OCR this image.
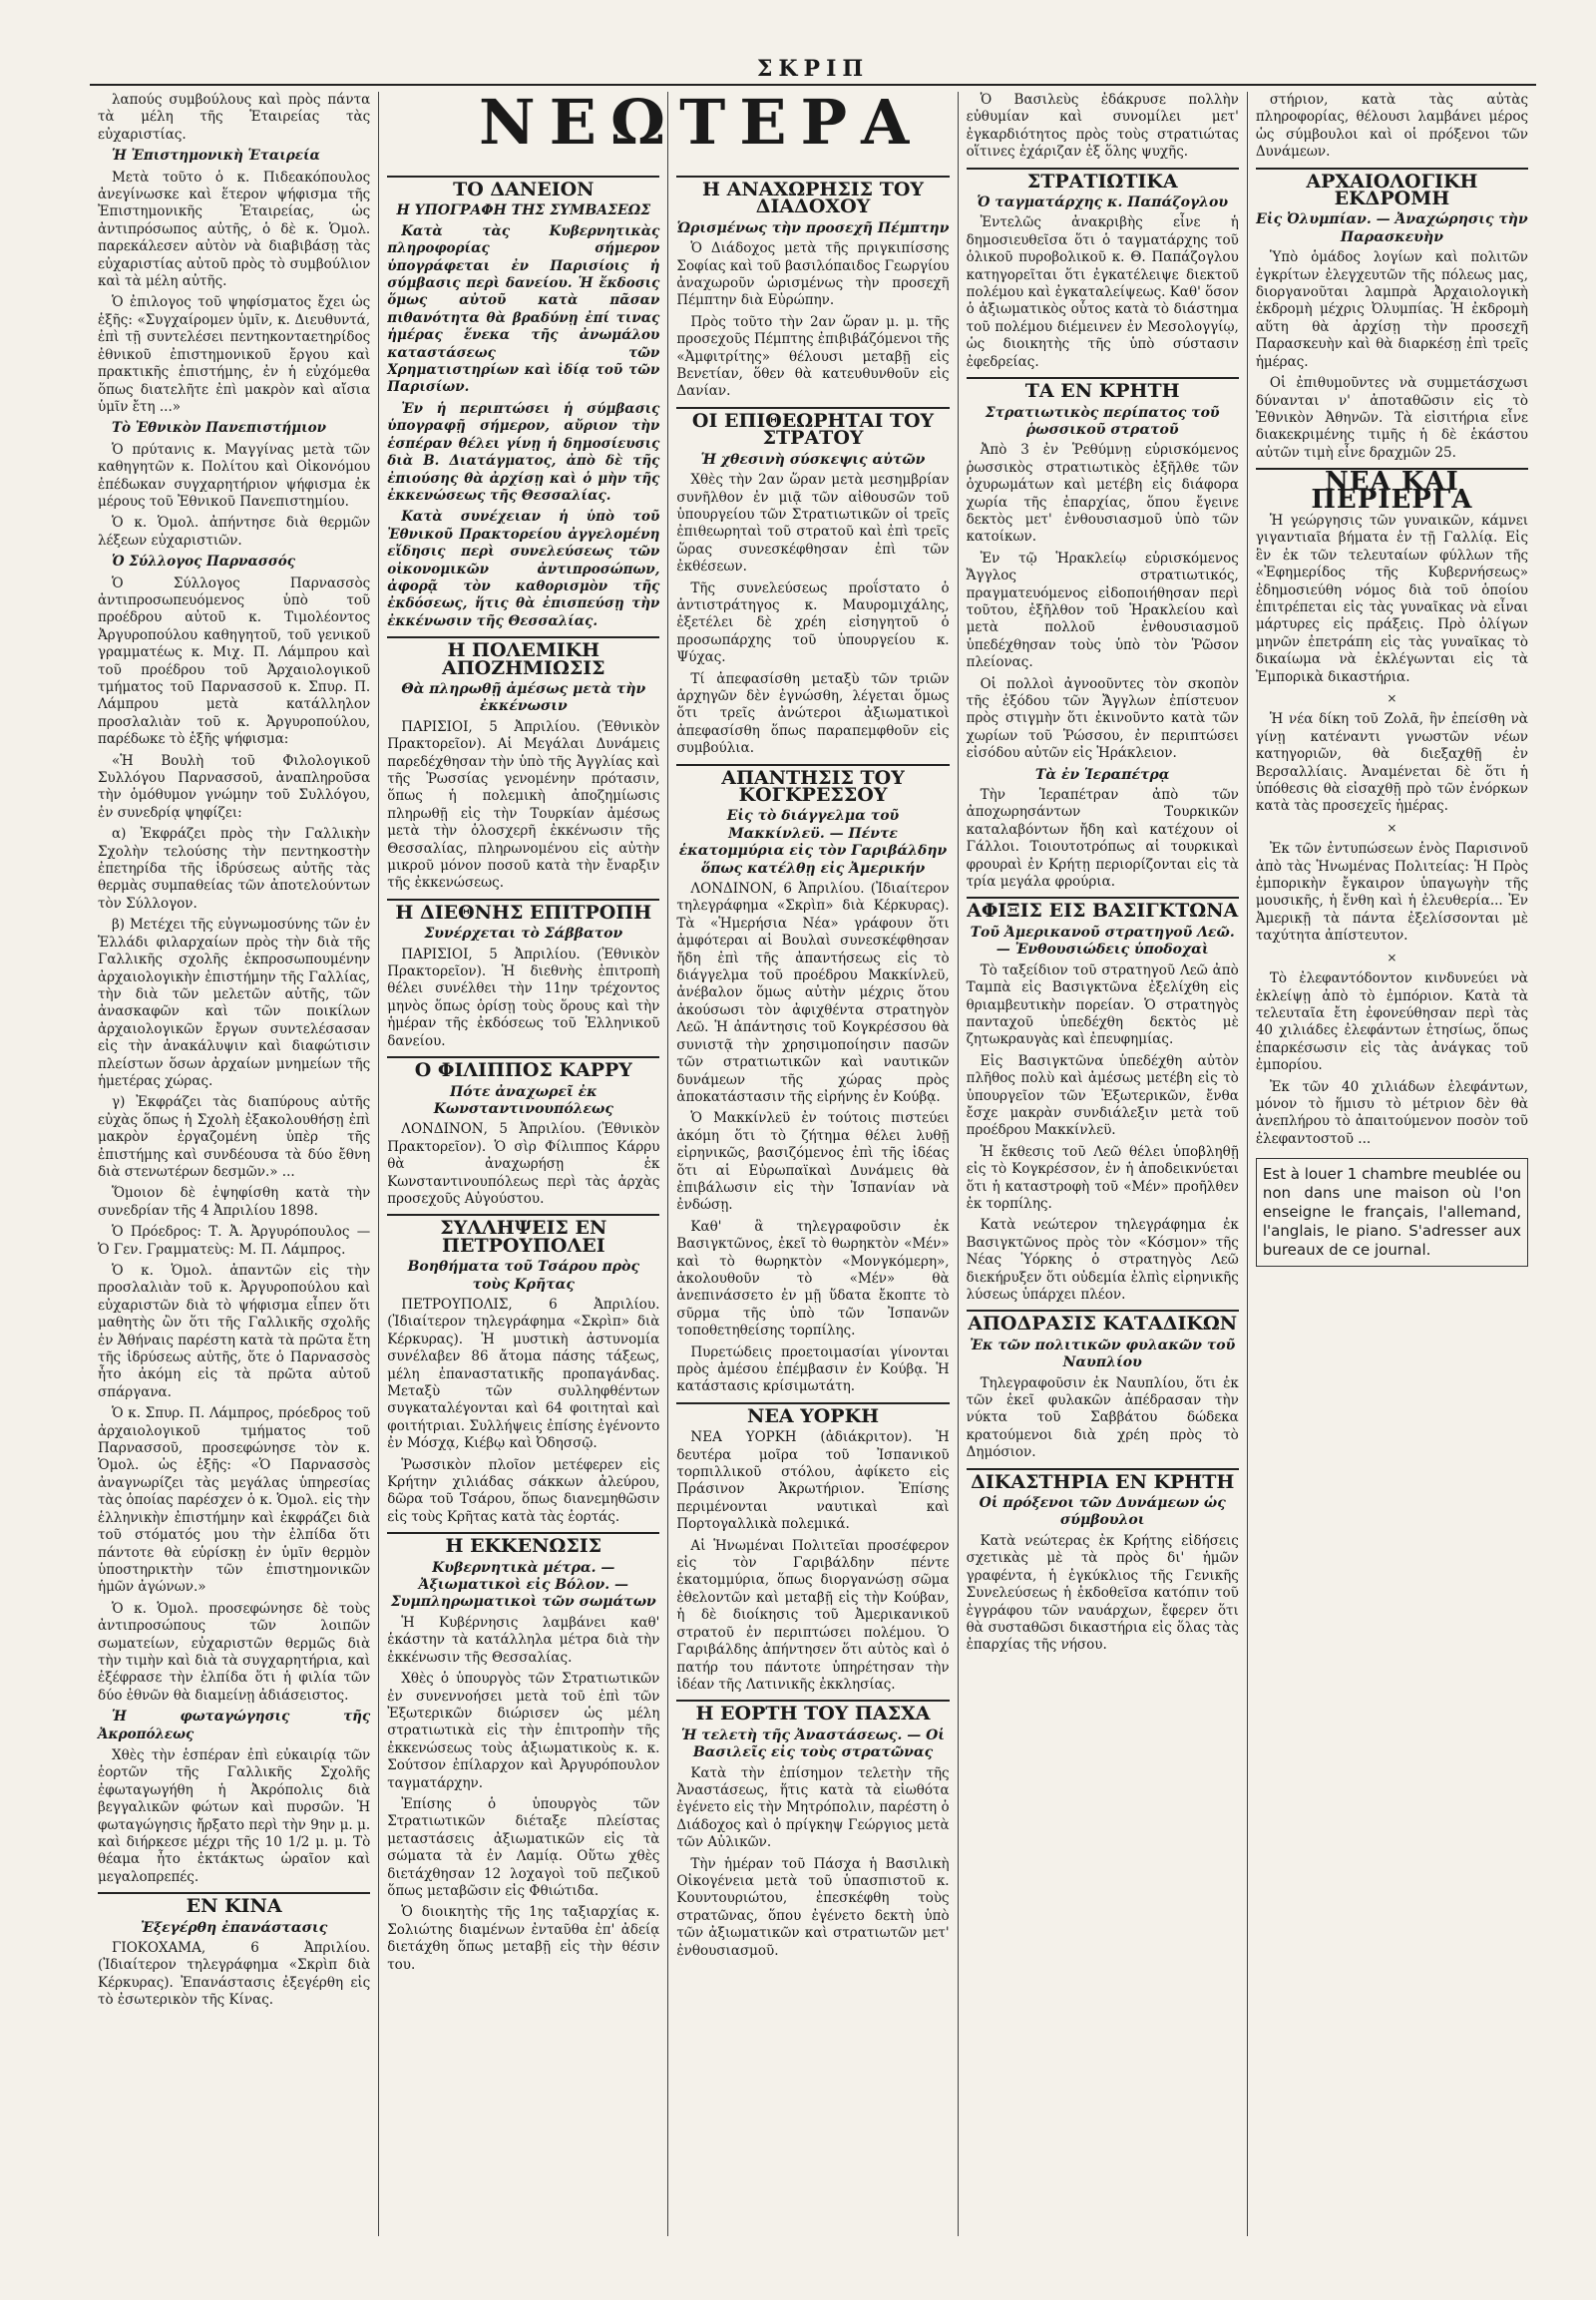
ΣΚΡΙΠ
ΝΕΩΤΕΡΑ

λαπούς συμβούλους καὶ πρὸς πάντα τὰ μέλη τῆς Ἑταιρείας τὰς εὐχαριστίας.

Ἡ Ἐπιστημονικὴ Ἑταιρεία

Μετὰ τοῦτο ὁ κ. Πιδεακόπουλος ἀνεγίνωσκε καὶ ἕτερον ψήφισμα τῆς Ἐπιστημονικῆς Ἑταιρείας, ὡς ἀντιπρόσωπος αὐτῆς, ὁ δὲ κ. Ὁμολ. παρεκάλεσεν αὐτὸν νὰ διαβιβάσῃ τὰς εὐχαριστίας αὐτοῦ πρὸς τὸ συμβούλιον καὶ τὰ μέλη αὐτῆς.

Ὁ ἐπιλογος τοῦ ψηφίσματος ἔχει ὡς ἑξῆς: «Συγχαίρομεν ὑμῖν, κ. Διευθυντά, ἐπὶ τῇ συντελέσει πεντηκονταετηρίδος ἐθνικοῦ ἐπιστημονικοῦ ἔργου καὶ πρακτικῆς ἐπιστήμης, ἐν ἡ εὐχόμεθα ὅπως διατελῆτε ἐπὶ μακρὸν καὶ αἴσια ὑμῖν ἔτη ...»

Τὸ Ἐθνικὸν Πανεπιστήμιον

Ὁ πρύτανις κ. Μαγγίνας μετὰ τῶν καθηγητῶν κ. Πολίτου καὶ Οἰκονόμου ἐπέδωκαν συγχαρητήριον ψήφισμα ἐκ μέρους τοῦ Ἐθνικοῦ Πανεπιστημίου.

Ὁ κ. Ὁμολ. ἀπήντησε διὰ θερμῶν λέξεων εὐχαριστιῶν.

Ὁ Σύλλογος Παρνασσός

Ὁ Σύλλογος Παρνασσὸς ἀντιπροσωπευόμενος ὑπὸ τοῦ προέδρου αὐτοῦ κ. Τιμολέοντος Ἀργυροπούλου καθηγητοῦ, τοῦ γενικοῦ γραμματέως κ. Μιχ. Π. Λάμπρου καὶ τοῦ προέδρου τοῦ Ἀρχαιολογικοῦ τμήματος τοῦ Παρνασσοῦ κ. Σπυρ. Π. Λάμπρου μετὰ κατάλληλον προσλαλιὰν τοῦ κ. Ἀργυροπούλου, παρέδωκε τὸ ἑξῆς ψήφισμα:

«Ἡ Βουλὴ τοῦ Φιλολογικοῦ Συλλόγου Παρνασσοῦ, ἀναπληροῦσα τὴν ὁμόθυμον γνώμην τοῦ Συλλόγου, ἐν συνεδρίᾳ ψηφίζει:

α) Ἐκφράζει πρὸς τὴν Γαλλικὴν Σχολὴν τελούσης τὴν πεντηκοστὴν ἐπετηρίδα τῆς ἱδρύσεως αὐτῆς τὰς θερμὰς συμπαθείας τῶν ἀποτελούντων τὸν Σύλλογον.

β) Μετέχει τῆς εὐγνωμοσύνης τῶν ἐν Ἑλλάδι φιλαρχαίων πρὸς τὴν διὰ τῆς Γαλλικῆς σχολῆς ἐκπροσωπουμένην ἀρχαιολογικὴν ἐπιστήμην τῆς Γαλλίας, τὴν διὰ τῶν μελετῶν αὐτῆς, τῶν ἀνασκαφῶν καὶ τῶν ποικίλων ἀρχαιολογικῶν ἔργων συντελέσασαν εἰς τὴν ἀνακάλυψιν καὶ διαφώτισιν πλείστων ὅσων ἀρχαίων μνημείων τῆς ἡμετέρας χώρας.

γ) Ἐκφράζει τὰς διαπύρους αὐτῆς εὐχὰς ὅπως ἡ Σχολὴ ἐξακολουθήσῃ ἐπὶ μακρὸν ἐργαζομένη ὑπὲρ τῆς ἐπιστήμης καὶ συνδέουσα τὰ δύο ἔθνη διὰ στενωτέρων δεσμῶν.» ...

Ὅμοιον δὲ ἐψηφίσθη κατὰ τὴν συνεδρίαν τῆς 4 Ἀπριλίου 1898.

Ὁ Πρόεδρος: Τ. Ἀ. Ἀργυρόπουλος — Ὁ Γεν. Γραμματεὺς: Μ. Π. Λάμπρος.

Ὁ κ. Ὁμολ. ἀπαντῶν εἰς τὴν προσλαλιὰν τοῦ κ. Ἀργυροπούλου καὶ εὐχαριστῶν διὰ τὸ ψήφισμα εἶπεν ὅτι μαθητὴς ὢν ὅτι τῆς Γαλλικῆς σχολῆς ἐν Ἀθήναις παρέστη κατὰ τὰ πρῶτα ἔτη τῆς ἱδρύσεως αὐτῆς, ὅτε ὁ Παρνασσὸς ἦτο ἀκόμη εἰς τὰ πρῶτα αὐτοῦ σπάργανα.

Ὁ κ. Σπυρ. Π. Λάμπρος, πρόεδρος τοῦ ἀρχαιολογικοῦ τμήματος τοῦ Παρνασσοῦ, προσεφώνησε τὸν κ. Ὁμολ. ὡς ἑξῆς: «Ὁ Παρνασσὸς ἀναγνωρίζει τὰς μεγάλας ὑπηρεσίας τὰς ὁποίας παρέσχεν ὁ κ. Ὁμολ. εἰς τὴν ἑλληνικὴν ἐπιστήμην καὶ ἐκφράζει διὰ τοῦ στόματός μου τὴν ἐλπίδα ὅτι πάντοτε θὰ εὑρίσκῃ ἐν ὑμῖν θερμὸν ὑποστηρικτὴν τῶν ἐπιστημονικῶν ἡμῶν ἀγώνων.»

Ὁ κ. Ὁμολ. προσεφώνησε δὲ τοὺς ἀντιπροσώπους τῶν λοιπῶν σωματείων, εὐχαριστῶν θερμῶς διὰ τὴν τιμὴν καὶ διὰ τὰ συγχαρητήρια, καὶ ἐξέφρασε τὴν ἐλπίδα ὅτι ἡ φιλία τῶν δύο ἐθνῶν θὰ διαμείνῃ ἀδιάσειστος.

Ἡ φωταγώγησις τῆς Ἀκροπόλεως

Χθὲς τὴν ἑσπέραν ἐπὶ εὐκαιρίᾳ τῶν ἑορτῶν τῆς Γαλλικῆς Σχολῆς ἐφωταγωγήθη ἡ Ἀκρόπολις διὰ βεγγαλικῶν φώτων καὶ πυρσῶν. Ἡ φωταγώγησις ἤρξατο περὶ τὴν 9ην μ. μ. καὶ διήρκεσε μέχρι τῆς 10 1/2 μ. μ. Τὸ θέαμα ἦτο ἐκτάκτως ὡραῖον καὶ μεγαλοπρεπές.

ΕΝ ΚΙΝΑ
Ἐξεγέρθη ἐπανάστασις

ΓΙΟΚΟΧΑΜΑ, 6 Ἀπριλίου. (Ἰδιαίτερον τηλεγράφημα «Σκρὶπ διὰ Κέρκυρας). Ἐπανάστασις ἐξεγέρθη εἰς τὸ ἐσωτερικὸν τῆς Κίνας.

ΤΟ ΔΑΝΕΙΟΝ
Η ΥΠΟΓΡΑΦΗ ΤΗΣ ΣΥΜΒΑΣΕΩΣ

Κατὰ τὰς Κυβερνητικὰς πληροφορίας σήμερον ὑπογράφεται ἐν Παρισίοις ἡ σύμβασις περὶ δανείου. Ἡ ἔκδοσις ὅμως αὐτοῦ κατὰ πᾶσαν πιθανότητα θὰ βραδύνῃ ἐπί τινας ἡμέρας ἕνεκα τῆς ἀνωμάλου καταστάσεως τῶν Χρηματιστηρίων καὶ ἰδίᾳ τοῦ τῶν Παρισίων.

Ἐν ἡ περιπτώσει ἡ σύμβασις ὑπογραφῇ σήμερον, αὔριον τὴν ἑσπέραν θέλει γίνῃ ἡ δημοσίευσις διὰ Β. Διατάγματος, ἀπὸ δὲ τῆς ἐπιούσης θὰ ἀρχίσῃ καὶ ὁ μὴν τῆς ἐκκενώσεως τῆς Θεσσαλίας.

Κατὰ συνέχειαν ἡ ὑπὸ τοῦ Ἐθνικοῦ Πρακτορείου ἀγγελομένη εἴδησις περὶ συνελεύσεως τῶν οἰκονομικῶν ἀντιπροσώπων, ἀφορᾷ τὸν καθορισμὸν τῆς ἐκδόσεως, ἥτις θὰ ἐπισπεύσῃ τὴν ἐκκένωσιν τῆς Θεσσαλίας.

Η ΠΟΛΕΜΙΚΗ ΑΠΟΖΗΜΙΩΣΙΣ
Θὰ πληρωθῇ ἀμέσως μετὰ τὴν ἐκκένωσιν

ΠΑΡΙΣΙΟΙ, 5 Ἀπριλίου. (Ἐθνικὸν Πρακτορεῖον). Αἱ Μεγάλαι Δυνάμεις παρεδέχθησαν τὴν ὑπὸ τῆς Ἀγγλίας καὶ τῆς Ῥωσσίας γενομένην πρότασιν, ὅπως ἡ πολεμικὴ ἀποζημίωσις πληρωθῇ εἰς τὴν Τουρκίαν ἀμέσως μετὰ τὴν ὁλοσχερῆ ἐκκένωσιν τῆς Θεσσαλίας, πληρωνομένου εἰς αὐτὴν μικροῦ μόνον ποσοῦ κατὰ τὴν ἔναρξιν τῆς ἐκκενώσεως.

Η ΔΙΕΘΝΗΣ ΕΠΙΤΡΟΠΗ
Συνέρχεται τὸ Σάββατον

ΠΑΡΙΣΙΟΙ, 5 Ἀπριλίου. (Ἐθνικὸν Πρακτορεῖον). Ἡ διεθνὴς ἐπιτροπὴ θέλει συνέλθει τὴν 11ην τρέχοντος μηνὸς ὅπως ὁρίσῃ τοὺς ὅρους καὶ τὴν ἡμέραν τῆς ἐκδόσεως τοῦ Ἑλληνικοῦ δανείου.

Ο ΦΙΛΙΠΠΟΣ ΚΑΡΡΥ
Πότε ἀναχωρεῖ ἐκ Κωνσταντινουπόλεως

ΛΟΝΔΙΝΟΝ, 5 Ἀπριλίου. (Ἐθνικὸν Πρακτορεῖον). Ὁ σὶρ Φίλιππος Κάρρυ θὰ ἀναχωρήσῃ ἐκ Κωνσταντινουπόλεως περὶ τὰς ἀρχὰς προσεχοῦς Αὐγούστου.

ΣΥΛΛΗΨΕΙΣ ΕΝ ΠΕΤΡΟΥΠΟΛΕΙ
Βοηθήματα τοῦ Τσάρου πρὸς τοὺς Κρῆτας

ΠΕΤΡΟΥΠΟΛΙΣ, 6 Ἀπριλίου. (Ἰδιαίτερον τηλεγράφημα «Σκρὶπ» διὰ Κέρκυρας). Ἡ μυστικὴ ἀστυνομία συνέλαβεν 86 ἄτομα πάσης τάξεως, μέλη ἐπαναστατικῆς προπαγάνδας. Μεταξὺ τῶν συλληφθέντων συγκαταλέγονται καὶ 64 φοιτηταὶ καὶ φοιτήτριαι. Συλλήψεις ἐπίσης ἐγένοντο ἐν Μόσχᾳ, Κιέβῳ καὶ Ὀδησσῷ.

Ῥωσσικὸν πλοῖον μετέφερεν εἰς Κρήτην χιλιάδας σάκκων ἀλεύρου, δῶρα τοῦ Τσάρου, ὅπως διανεμηθῶσιν εἰς τοὺς Κρῆτας κατὰ τὰς ἑορτάς.

Η ΕΚΚΕΝΩΣΙΣ
Κυβερνητικὰ μέτρα. — Ἀξιωματικοὶ εἰς Βόλον. — Συμπληρωματικοὶ τῶν σωμάτων

Ἡ Κυβέρνησις λαμβάνει καθ' ἑκάστην τὰ κατάλληλα μέτρα διὰ τὴν ἐκκένωσιν τῆς Θεσσαλίας.

Χθὲς ὁ ὑπουργὸς τῶν Στρατιωτικῶν ἐν συνεννοήσει μετὰ τοῦ ἐπὶ τῶν Ἐξωτερικῶν διώρισεν ὡς μέλη στρατιωτικὰ εἰς τὴν ἐπιτροπὴν τῆς ἐκκενώσεως τοὺς ἀξιωματικοὺς κ. κ. Σούτσον ἐπίλαρχον καὶ Ἀργυρόπουλον ταγματάρχην.

Ἐπίσης ὁ ὑπουργὸς τῶν Στρατιωτικῶν διέταξε πλείστας μεταστάσεις ἀξιωματικῶν εἰς τὰ σώματα τὰ ἐν Λαμίᾳ. Οὕτω χθὲς διετάχθησαν 12 λοχαγοὶ τοῦ πεζικοῦ ὅπως μεταβῶσιν εἰς Φθιώτιδα.

Ὁ διοικητὴς τῆς 1ης ταξιαρχίας κ. Σολιώτης διαμένων ἐνταῦθα ἐπ' ἀδείᾳ διετάχθη ὅπως μεταβῇ εἰς τὴν θέσιν του.

Η ΑΝΑΧΩΡΗΣΙΣ ΤΟΥ ΔΙΑΔΟΧΟΥ
Ὡρισμένως τὴν προσεχῆ Πέμπτην

Ὁ Διάδοχος μετὰ τῆς πριγκιπίσσης Σοφίας καὶ τοῦ βασιλόπαιδος Γεωργίου ἀναχωροῦν ὡρισμένως τὴν προσεχῆ Πέμπτην διὰ Εὐρώπην.

Πρὸς τοῦτο τὴν 2αν ὥραν μ. μ. τῆς προσεχοῦς Πέμπτης ἐπιβιβάζόμενοι τῆς «Ἀμφιτρίτης» θέλουσι μεταβῇ εἰς Βενετίαν, ὅθεν θὰ κατευθυνθοῦν εἰς Δανίαν.

ΟΙ ΕΠΙΘΕΩΡΗΤΑΙ ΤΟΥ ΣΤΡΑΤΟΥ
Ἡ χθεσινὴ σύσκεψις αὐτῶν

Χθὲς τὴν 2αν ὥραν μετὰ μεσημβρίαν συνῆλθον ἐν μιᾷ τῶν αἰθουσῶν τοῦ ὑπουργείου τῶν Στρατιωτικῶν οἱ τρεῖς ἐπιθεωρηταὶ τοῦ στρατοῦ καὶ ἐπὶ τρεῖς ὥρας συνεσκέφθησαν ἐπὶ τῶν ἐκθέσεων.

Τῆς συνελεύσεως προΐστατο ὁ ἀντιστράτηγος κ. Μαυρομιχάλης, ἐξετέλει δὲ χρέη εἰσηγητοῦ ὁ προσωπάρχης τοῦ ὑπουργείου κ. Ψύχας.

Τί ἀπεφασίσθη μεταξὺ τῶν τριῶν ἀρχηγῶν δὲν ἐγνώσθη, λέγεται ὅμως ὅτι τρεῖς ἀνώτεροι ἀξιωματικοὶ ἀπεφασίσθη ὅπως παραπεμφθοῦν εἰς συμβούλια.

ΑΠΑΝΤΗΣΙΣ ΤΟΥ ΚΟΓΚΡΕΣΣΟΥ
Εἰς τὸ διάγγελμα τοῦ Μακκίνλεϋ. — Πέντε ἑκατομμύρια εἰς τὸν Γαριβάλδην ὅπως κατέλθῃ εἰς Ἀμερικήν

ΛΟΝΔΙΝΟΝ, 6 Ἀπριλίου. (Ἰδιαίτερον τηλεγράφημα «Σκρὶπ» διὰ Κέρκυρας). Τὰ «Ἡμερήσια Νέα» γράφουν ὅτι ἀμφότεραι αἱ Βουλαὶ συνεσκέφθησαν ἤδη ἐπὶ τῆς ἀπαντήσεως εἰς τὸ διάγγελμα τοῦ προέδρου Μακκίνλεϋ, ἀνέβαλον ὅμως αὐτὴν μέχρις ὅτου ἀκούσωσι τὸν ἀφιχθέντα στρατηγὸν Λεῶ. Ἡ ἀπάντησις τοῦ Κογκρέσσου θὰ συνιστᾷ τὴν χρησιμοποίησιν πασῶν τῶν στρατιωτικῶν καὶ ναυτικῶν δυνάμεων τῆς χώρας πρὸς ἀποκατάστασιν τῆς εἰρήνης ἐν Κούβᾳ.

Ὁ Μακκίνλεϋ ἐν τούτοις πιστεύει ἀκόμη ὅτι τὸ ζήτημα θέλει λυθῇ εἰρηνικῶς, βασιζόμενος ἐπὶ τῆς ἰδέας ὅτι αἱ Εὐρωπαϊκαὶ Δυνάμεις θὰ ἐπιβάλωσιν εἰς τὴν Ἰσπανίαν νὰ ἐνδώσῃ.

Καθ' ἃ τηλεγραφοῦσιν ἐκ Βασιγκτῶνος, ἐκεῖ τὸ θωρηκτὸν «Μέν» καὶ τὸ θωρηκτὸν «Μονγκόμερη», ἀκολουθοῦν τὸ «Μέν» θὰ ἀνεπινάσσετο ἐν μῇ ὕδατα ἔκοπτε τὸ σῦρμα τῆς ὑπὸ τῶν Ἰσπανῶν τοποθετηθείσης τορπίλης.

Πυρετώδεις προετοιμασίαι γίνονται πρὸς ἀμέσου ἐπέμβασιν ἐν Κούβᾳ. Ἡ κατάστασις κρίσιμωτάτη.

ΝΕΑ ΥΟΡΚΗ

ΝΕΑ ΥΟΡΚΗ (ἀδιάκριτον). Ἡ δευτέρα μοῖρα τοῦ Ἰσπανικοῦ τορπιλλικοῦ στόλου, ἀφίκετο εἰς Πράσινον Ἀκρωτήριον. Ἐπίσης περιμένονται ναυτικαὶ καὶ Πορτογαλλικὰ πολεμικά.

Αἱ Ἡνωμέναι Πολιτεῖαι προσέφερον εἰς τὸν Γαριβάλδην πέντε ἑκατομμύρια, ὅπως διοργανώσῃ σῶμα ἐθελοντῶν καὶ μεταβῇ εἰς τὴν Κούβαν, ἡ δὲ διοίκησις τοῦ Ἀμερικανικοῦ στρατοῦ ἐν περιπτώσει πολέμου. Ὁ Γαριβάλδης ἀπήντησεν ὅτι αὐτὸς καὶ ὁ πατήρ του πάντοτε ὑπηρέτησαν τὴν ἰδέαν τῆς Λατινικῆς ἐκκλησίας.

Η ΕΟΡΤΗ ΤΟΥ ΠΑΣΧΑ
Ἡ τελετὴ τῆς Ἀναστάσεως. — Οἱ Βασιλεῖς εἰς τοὺς στρατῶνας

Κατὰ τὴν ἐπίσημον τελετὴν τῆς Ἀναστάσεως, ἥτις κατὰ τὰ εἰωθότα ἐγένετο εἰς τὴν Μητρόπολιν, παρέστη ὁ Διάδοχος καὶ ὁ πρίγκηψ Γεώργιος μετὰ τῶν Αὐλικῶν.

Τὴν ἡμέραν τοῦ Πάσχα ἡ Βασιλικὴ Οἰκογένεια μετὰ τοῦ ὑπασπιστοῦ κ. Κουντουριώτου, ἐπεσκέφθη τοὺς στρατῶνας, ὅπου ἐγένετο δεκτὴ ὑπὸ τῶν ἀξιωματικῶν καὶ στρατιωτῶν μετ' ἐνθουσιασμοῦ.

Ὁ Βασιλεὺς ἐδάκρυσε πολλὴν εὐθυμίαν καὶ συνομίλει μετ' ἐγκαρδιότητος πρὸς τοὺς στρατιώτας οἵτινες ἐχάριζαν ἐξ ὅλης ψυχῆς.

ΣΤΡΑΤΙΩΤΙΚΑ
Ὁ ταγματάρχης κ. Παπάζογλου

Ἐντελῶς ἀνακριβὴς εἶνε ἡ δημοσιευθεῖσα ὅτι ὁ ταγματάρχης τοῦ ὁλικοῦ πυροβολικοῦ κ. Θ. Παπάζογλου κατηγορεῖται ὅτι ἐγκατέλειψε διεκτοῦ πολέμου καὶ ἐγκαταλείψεως. Καθ' ὅσον ὁ ἀξιωματικὸς οὗτος κατὰ τὸ διάστημα τοῦ πολέμου διέμεινεν ἐν Μεσολογγίῳ, ὡς διοικητὴς τῆς ὑπὸ σύστασιν ἐφεδρείας.

ΤΑ ΕΝ ΚΡΗΤΗ
Στρατιωτικὸς περίπατος τοῦ ῥωσσικοῦ στρατοῦ

Ἀπὸ 3 ἐν Ῥεθύμνῃ εὑρισκόμενος ῥωσσικὸς στρατιωτικὸς ἐξῆλθε τῶν ὀχυρωμάτων καὶ μετέβη εἰς διάφορα χωρία τῆς ἐπαρχίας, ὅπου ἔγεινε δεκτὸς μετ' ἐνθουσιασμοῦ ὑπὸ τῶν κατοίκων.

Ἐν τῷ Ἡρακλείῳ εὑρισκόμενος Ἄγγλος στρατιωτικός, πραγματευόμενος εἰδοποιήθησαν περὶ τοῦτου, ἐξῆλθον τοῦ Ἡρακλείου καὶ μετὰ πολλοῦ ἐνθουσιασμοῦ ὑπεδέχθησαν τοὺς ὑπὸ τὸν Ῥῶσον πλείονας.

Οἱ πολλοὶ ἀγνοοῦντες τὸν σκοπὸν τῆς ἐξόδου τῶν Ἄγγλων ἐπίστευον πρὸς στιγμὴν ὅτι ἐκινοῦντο κατὰ τῶν χωρίων τοῦ Ῥώσσου, ἐν περιπτώσει εἰσόδου αὐτῶν εἰς Ἡράκλειον.

Τὰ ἐν Ἱεραπέτρᾳ

Τὴν Ἱεραπέτραν ἀπὸ τῶν ἀποχωρησάντων Τουρκικῶν καταλαβόντων ἤδη καὶ κατέχουν οἱ Γάλλοι. Τοιουτοτρόπως αἱ τουρκικαὶ φρουραὶ ἐν Κρήτῃ περιορίζονται εἰς τὰ τρία μεγάλα φρούρια.

ΑΦΙΞΙΣ ΕΙΣ ΒΑΣΙΓΚΤΩΝΑ
Τοῦ Ἀμερικανοῦ στρατηγοῦ Λεῶ. — Ἐνθουσιώδεις ὑποδοχαὶ

Τὸ ταξείδιον τοῦ στρατηγοῦ Λεῶ ἀπὸ Ταμπὰ εἰς Βασιγκτῶνα ἐξελίχθη εἰς θριαμβευτικὴν πορείαν. Ὁ στρατηγὸς πανταχοῦ ὑπεδέχθη δεκτὸς μὲ ζητωκραυγὰς καὶ ἐπευφημίας.

Εἰς Βασιγκτῶνα ὑπεδέχθη αὐτὸν πλῆθος πολὺ καὶ ἀμέσως μετέβη εἰς τὸ ὑπουργεῖον τῶν Ἐξωτερικῶν, ἔνθα ἔσχε μακρὰν συνδιάλεξιν μετὰ τοῦ προέδρου Μακκίνλεϋ.

Ἡ ἔκθεσις τοῦ Λεῶ θέλει ὑποβληθῇ εἰς τὸ Κογκρέσσον, ἐν ἡ ἀποδεικνύεται ὅτι ἡ καταστροφὴ τοῦ «Μέν» προῆλθεν ἐκ τορπίλης.

Κατὰ νεώτερον τηλεγράφημα ἐκ Βασιγκτῶνος πρὸς τὸν «Κόσμον» τῆς Νέας Ὑόρκης ὁ στρατηγὸς Λεῶ διεκήρυξεν ὅτι οὐδεμία ἐλπὶς εἰρηνικῆς λύσεως ὑπάρχει πλέον.

ΑΠΟΔΡΑΣΙΣ ΚΑΤΑΔΙΚΩΝ
Ἐκ τῶν πολιτικῶν φυλακῶν τοῦ Ναυπλίου

Τηλεγραφοῦσιν ἐκ Ναυπλίου, ὅτι ἐκ τῶν ἐκεῖ φυλακῶν ἀπέδρασαν τὴν νύκτα τοῦ Σαββάτου δώδεκα κρατούμενοι διὰ χρέη πρὸς τὸ Δημόσιον.

ΔΙΚΑΣΤΗΡΙΑ ΕΝ ΚΡΗΤΗ
Οἱ πρόξενοι τῶν Δυνάμεων ὡς σύμβουλοι

Κατὰ νεώτερας ἐκ Κρήτης εἰδήσεις σχετικὰς μὲ τὰ πρὸς δι' ἡμῶν γραφέντα, ἡ ἐγκύκλιος τῆς Γενικῆς Συνελεύσεως ἡ ἐκδοθεῖσα κατόπιν τοῦ ἐγγράφου τῶν ναυάρχων, ἔφερεν ὅτι θὰ συσταθῶσι δικαστήρια εἰς ὅλας τὰς ἐπαρχίας τῆς νήσου.

στήριον, κατὰ τὰς αὐτὰς πληροφορίας, θέλουσι λαμβάνει μέρος ὡς σύμβουλοι καὶ οἱ πρόξενοι τῶν Δυνάμεων.

ΑΡΧΑΙΟΛΟΓΙΚΗ ΕΚΔΡΟΜΗ
Εἰς Ὀλυμπίαν. — Ἀναχώρησις τὴν Παρασκευὴν

Ὑπὸ ὁμάδος λογίων καὶ πολιτῶν ἐγκρίτων ἐλεγχευτῶν τῆς πόλεως μας, διοργανοῦται λαμπρὰ Ἀρχαιολογικὴ ἐκδρομὴ μέχρις Ὀλυμπίας. Ἡ ἐκδρομὴ αὕτη θὰ ἀρχίσῃ τὴν προσεχῆ Παρασκευὴν καὶ θὰ διαρκέσῃ ἐπὶ τρεῖς ἡμέρας.

Οἱ ἐπιθυμοῦντες νὰ συμμετάσχωσι δύνανται ν' ἀποταθῶσιν εἰς τὸ Ἐθνικὸν Ἀθηνῶν. Τὰ εἰσιτήρια εἶνε διακεκριμένης τιμῆς ἡ δὲ ἑκάστου αὐτῶν τιμὴ εἶνε δραχμῶν 25.

ΝΕΑ ΚΑΙ ΠΕΡΙΕΡΓΑ

Ἡ γεώργησις τῶν γυναικῶν, κάμνει γιγαντιαῖα βήματα ἐν τῇ Γαλλίᾳ. Εἰς ἓν ἐκ τῶν τελευταίων φύλλων τῆς «Ἐφημερίδος τῆς Κυβερνήσεως» ἐδημοσιεύθη νόμος διὰ τοῦ ὁποίου ἐπιτρέπεται εἰς τὰς γυναῖκας νὰ εἶναι μάρτυρες εἰς πράξεις. Πρὸ ὀλίγων μηνῶν ἐπετράπη εἰς τὰς γυναῖκας τὸ δικαίωμα νὰ ἐκλέγωνται εἰς τὰ Ἐμπορικὰ δικαστήρια.

×

Ἡ νέα δίκη τοῦ Ζολᾶ, ἣν ἐπείσθη νὰ γίνῃ κατέναντι γνωστῶν νέων κατηγοριῶν, θὰ διεξαχθῇ ἐν Βερσαλλίαις. Ἀναμένεται δὲ ὅτι ἡ ὑπόθεσις θὰ εἰσαχθῇ πρὸ τῶν ἐνόρκων κατὰ τὰς προσεχεῖς ἡμέρας.

×

Ἐκ τῶν ἐντυπώσεων ἑνὸς Παρισινοῦ ἀπὸ τὰς Ἡνωμένας Πολιτείας: Ἡ Πρὸς ἐμπορικὴν ἔγκαιρον ὑπαγωγὴν τῆς μουσικῆς, ἡ ἔνθη καὶ ἡ ἐλευθερία... Ἐν Ἀμερικῇ τὰ πάντα ἐξελίσσονται μὲ ταχύτητα ἀπίστευτον.

×

Τὸ ἐλεφαντόδοντον κινδυνεύει νὰ ἐκλείψῃ ἀπὸ τὸ ἐμπόριον. Κατὰ τὰ τελευταῖα ἔτη ἐφονεύθησαν περὶ τὰς 40 χιλιάδες ἐλεφάντων ἐτησίως, ὅπως ἐπαρκέσωσιν εἰς τὰς ἀνάγκας τοῦ ἐμπορίου.

Ἐκ τῶν 40 χιλιάδων ἐλεφάντων, μόνον τὸ ἥμισυ τὸ μέτριον δὲν θὰ ἀνεπλήρου τὸ ἀπαιτούμενον ποσὸν τοῦ ἐλεφαντοστοῦ ...

Est à louer 1 chambre meublée ou non dans une maison où l'on enseigne le français, l'allemand, l'anglais, le piano. S'adresser aux bureaux de ce journal.
